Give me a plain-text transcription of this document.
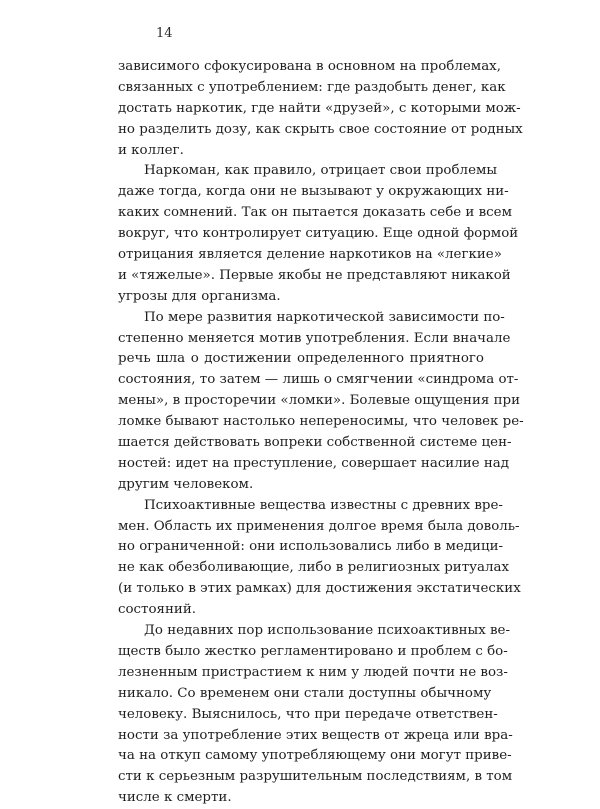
14
зависимого сфокусирована в основном на проблемах,
связанных с употреблением: где раздобыть денег, как
достать наркотик, где найти «друзей», с которыми мож-
но разделить дозу, как скрыть свое состояние от родных
и коллег.
Наркоман, как правило, отрицает свои проблемы
даже тогда, когда они не вызывают у окружающих ни-
каких сомнений. Так он пытается доказать себе и всем
вокруг, что контролирует ситуацию. Еще одной формой
отрицания является деление наркотиков на «легкие»
и «тяжелые». Первые якобы не представляют никакой
угрозы для организма.
По мере развития наркотической зависимости по-
степенно меняется мотив употребления. Если вначале
речь шла о достижении определенного приятного
состояния, то затем — лишь о смягчении «синдрома от-
мены», в просторечии «ломки». Болевые ощущения при
ломке бывают настолько непереносимы, что человек ре-
шается действовать вопреки собственной системе цен-
ностей: идет на преступление, совершает насилие над
другим человеком.
Психоактивные вещества известны с древних вре-
мен. Область их применения долгое время была доволь-
но ограниченной: они использовались либо в медици-
не как обезболивающие, либо в религиозных ритуалах
(и только в этих рамках) для достижения экстатических
состояний.
До недавних пор использование психоактивных ве-
ществ было жестко регламентировано и проблем с бо-
лезненным пристрастием к ним у людей почти не воз-
никало. Со временем они стали доступны обычному
человеку. Выяснилось, что при передаче ответствен-
ности за употребление этих веществ от жреца или вра-
ча на откуп самому употребляющему они могут приве-
сти к серьезным разрушительным последствиям, в том
числе к смерти.
